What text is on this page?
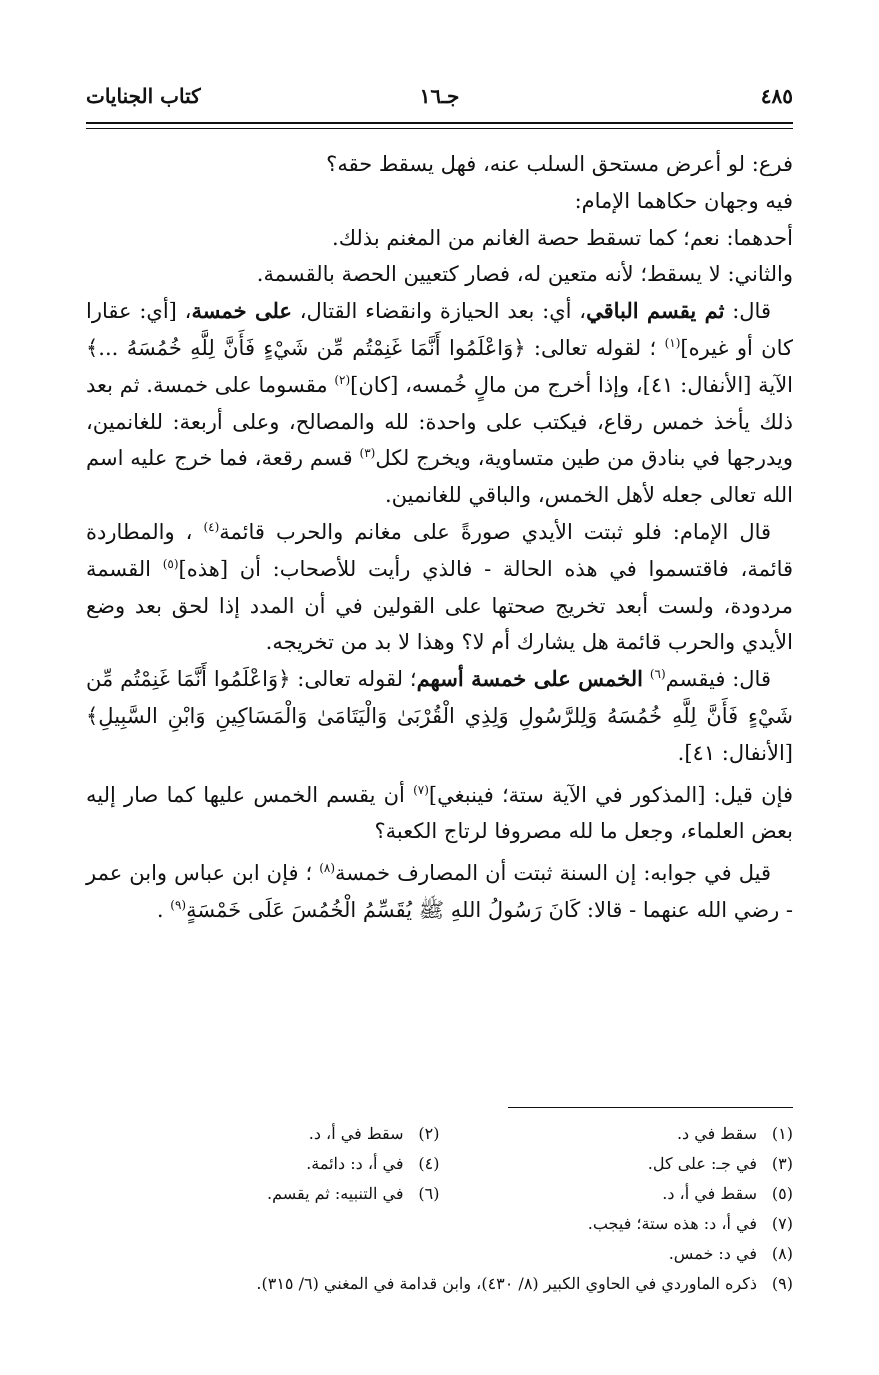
٤٨٥
جـ١٦
كتاب الجنايات

فرع: لو أعرض مستحق السلب عنه، فهل يسقط حقه؟

فيه وجهان حكاهما الإمام:

أحدهما: نعم؛ كما تسقط حصة الغانم من المغنم بذلك.

والثاني: لا يسقط؛ لأنه متعين له، فصار كتعيين الحصة بالقسمة.

قال: ثم يقسم الباقي، أي: بعد الحيازة وانقضاء القتال، على خمسة، [أي: عقارا كان أو غيره]$^{(١)}$ ؛ لقوله تعالى: ﴿وَاعْلَمُوا أَنَّمَا غَنِمْتُم مِّن شَيْءٍ فَأَنَّ لِلَّهِ خُمُسَهُ ...﴾ الآية [الأنفال: ٤١]، وإذا أخرج من مالٍ خُمسه، [كان]$^{(٢)}$ مقسوما على خمسة. ثم بعد ذلك يأخذ خمس رقاع، فيكتب على واحدة: لله والمصالح، وعلى أربعة: للغانمين، ويدرجها في بنادق من طين متساوية، ويخرج لكل$^{(٣)}$ قسم رقعة، فما خرج عليه اسم الله تعالى جعله لأهل الخمس، والباقي للغانمين.

قال الإمام: فلو ثبتت الأيدي صورةً على مغانم والحرب قائمة$^{(٤)}$ ، والمطاردة قائمة، فاقتسموا في هذه الحالة - فالذي رأيت للأصحاب: أن [هذه]$^{(٥)}$ القسمة مردودة، ولست أبعد تخريج صحتها على القولين في أن المدد إذا لحق بعد وضع الأيدي والحرب قائمة هل يشارك أم لا؟ وهذا لا بد من تخريجه.

قال: فيقسم$^{(٦)}$ الخمس على خمسة أسهم؛ لقوله تعالى: ﴿وَاعْلَمُوا أَنَّمَا غَنِمْتُم مِّن شَيْءٍ فَأَنَّ لِلَّهِ خُمُسَهُ وَلِلرَّسُولِ وَلِذِي الْقُرْبَىٰ وَالْيَتَامَىٰ وَالْمَسَاكِينِ وَابْنِ السَّبِيلِ﴾ [الأنفال: ٤١].

فإن قيل: [المذكور في الآية ستة؛ فينبغي]$^{(٧)}$ أن يقسم الخمس عليها كما صار إليه بعض العلماء، وجعل ما لله مصروفا لرتاج الكعبة؟

قيل في جوابه: إن السنة ثبتت أن المصارف خمسة$^{(٨)}$ ؛ فإن ابن عباس وابن عمر - رضي الله عنهما - قالا: كَانَ رَسُولُ اللهِ ﷺ يُقَسِّمُ الْخُمُسَ عَلَى خَمْسَةٍ$^{(٩)}$ .

(١)سقط في د.
(٢)سقط في أ، د.
(٣)في جـ: على كل.
(٤)في أ، د: دائمة.
(٥)سقط في أ، د.
(٦)في التنبيه: ثم يقسم.
(٧)في أ، د: هذه ستة؛ فيجب.
(٨)في د: خمس.
(٩)ذكره الماوردي في الحاوي الكبير (٨/ ٤٣٠)، وابن قدامة في المغني (٦/ ٣١٥).
